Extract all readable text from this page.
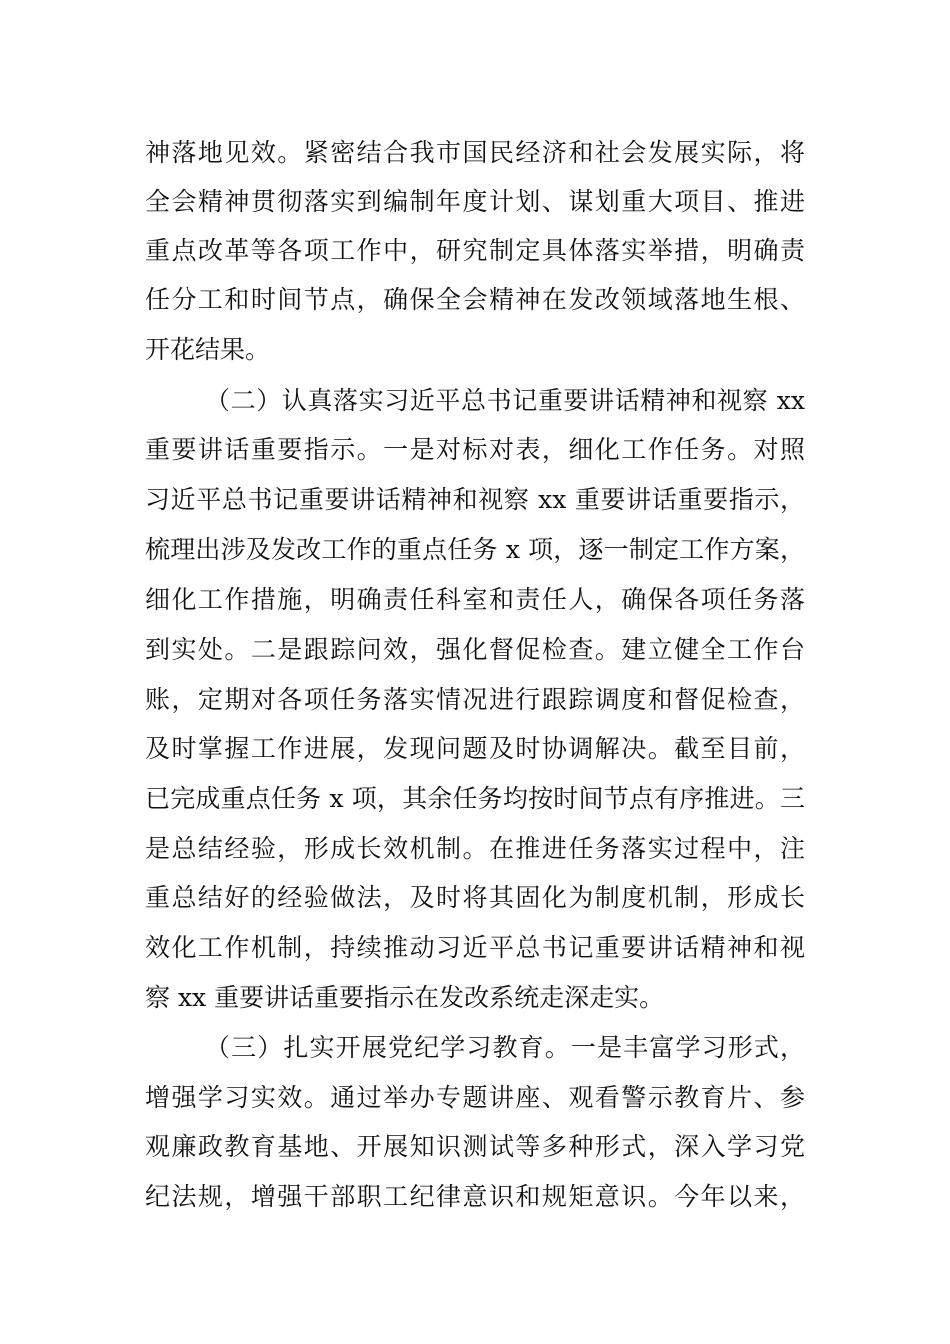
神落地见效。紧密结合我市国民经济和社会发展实际，将
全会精神贯彻落实到编制年度计划、谋划重大项目、推进
重点改革等各项工作中，研究制定具体落实举措，明确责
任分工和时间节点，确保全会精神在发改领域落地生根、
开花结果。
（二）认真落实习近平总书记重要讲话精神和视察 xx
重要讲话重要指示。一是对标对表，细化工作任务。对照
习近平总书记重要讲话精神和视察 xx 重要讲话重要指示，
梳理出涉及发改工作的重点任务 x 项，逐一制定工作方案，
细化工作措施，明确责任科室和责任人，确保各项任务落
到实处。二是跟踪问效，强化督促检查。建立健全工作台
账，定期对各项任务落实情况进行跟踪调度和督促检查，
及时掌握工作进展，发现问题及时协调解决。截至目前，
已完成重点任务 x 项，其余任务均按时间节点有序推进。三
是总结经验，形成长效机制。在推进任务落实过程中，注
重总结好的经验做法，及时将其固化为制度机制，形成长
效化工作机制，持续推动习近平总书记重要讲话精神和视
察 xx 重要讲话重要指示在发改系统走深走实。
（三）扎实开展党纪学习教育。一是丰富学习形式，
增强学习实效。通过举办专题讲座、观看警示教育片、参
观廉政教育基地、开展知识测试等多种形式，深入学习党
纪法规，增强干部职工纪律意识和规矩意识。今年以来，
